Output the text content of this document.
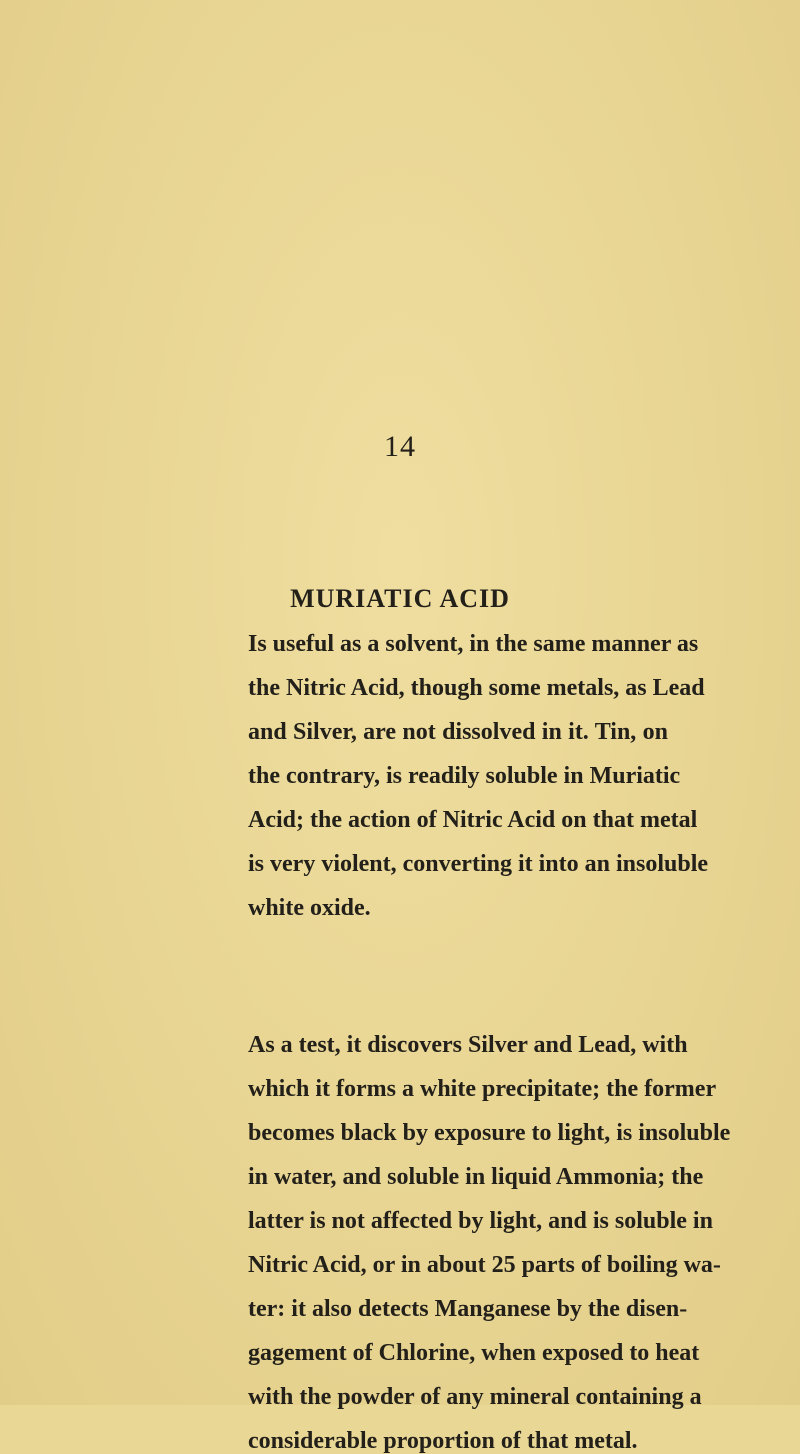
14
MURIATIC ACID
Is useful as a solvent, in the same manner as
the Nitric Acid, though some metals, as Lead
and Silver, are not dissolved in it. Tin, on
the contrary, is readily soluble in Muriatic
Acid; the action of Nitric Acid on that metal
is very violent, converting it into an insoluble
white oxide.
As a test, it discovers Silver and Lead, with
which it forms a white precipitate; the former
becomes black by exposure to light, is insoluble
in water, and soluble in liquid Ammonia; the
latter is not affected by light, and is soluble in
Nitric Acid, or in about 25 parts of boiling wa-
ter: it also detects Manganese by the disen-
gagement of Chlorine, when exposed to heat
with the powder of any mineral containing a
considerable proportion of that metal.
